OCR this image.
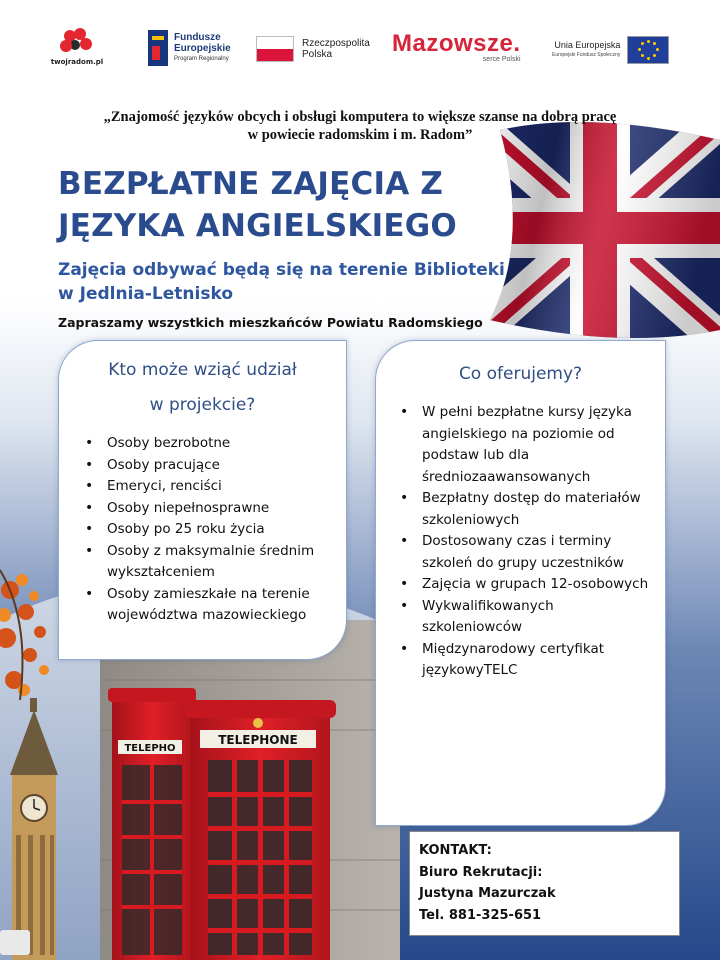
twojradom.pl
Fundusze
Europejskie
Program Regionalny
Rzeczpospolita
Polska	Mazowsze.
serce Polski
Unia Europejska
Europejski Fundusz Społeczny
„Znajomość języków obcych i obsługi komputera to większe szanse na dobrą pracę
w powiecie radomskim i m. Radom”
BEZPŁATNE ZAJĘCIA Z
JĘZYKA ANGIELSKIEGO
Zajęcia odbywać będą się na terenie Biblioteki
w Jedlnia-Letnisko
Zapraszamy wszystkich mieszkańców Powiatu Radomskiego
TELEPHONE
TELEPHO
Kto może wziąć udział
w projekcie?
• Osoby bezrobotne
• Osoby pracujące
• Emeryci, renciści
• Osoby niepełnosprawne
• Osoby po 25 roku życia
• Osoby z maksymalnie średnim wykształceniem
• Osoby zamieszkałe na terenie województwa mazowieckiego
Co oferujemy?
• W pełni bezpłatne kursy języka angielskiego na poziomie od podstaw lub dla średniozaawansowanych
• Bezpłatny dostęp do materiałów szkoleniowych
• Dostosowany czas i terminy szkoleń do grupy uczestników
• Zajęcia w grupach 12-osobowych
• Wykwalifikowanych szkoleniowców
• Międzynarodowy certyfikat językowyTELC
KONTAKT:
Biuro Rekrutacji:
Justyna Mazurczak
Tel. 881-325-651
